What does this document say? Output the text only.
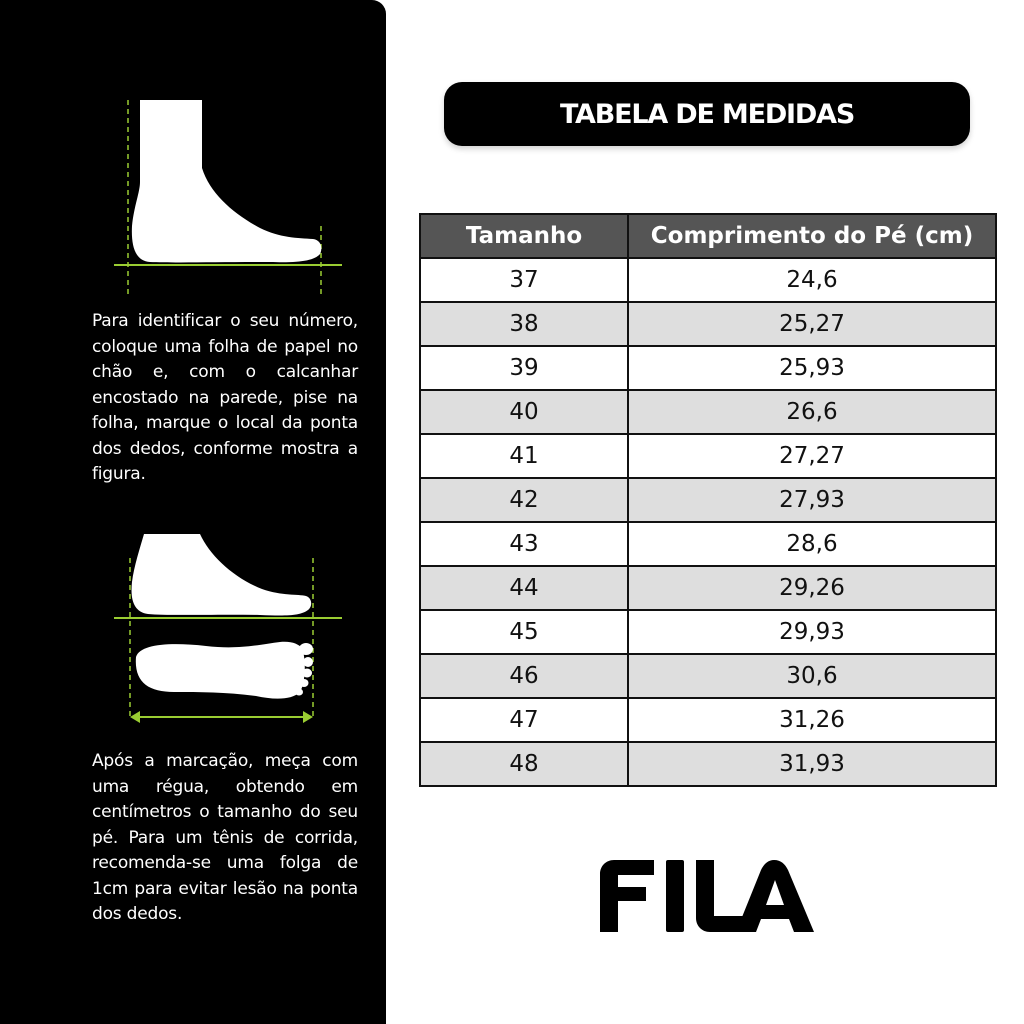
Para identificar o seu número, coloque uma folha de papel no chão e, com o calcanhar encostado na parede, pise na folha, marque o local da ponta dos dedos, conforme mostra a figura.

Após a marcação, meça com uma régua, obtendo em centímetros o tamanho do seu pé. Para um tênis de corrida, recomenda-se uma folga de 1cm para evitar lesão na ponta dos dedos.

TABELA DE MEDIDAS
Tamanho	Comprimento do Pé (cm)
37	24,6
38	25,27
39	25,93
40	26,6
41	27,27
42	27,93
43	28,6
44	29,26
45	29,93
46	30,6
47	31,26
48	31,93
